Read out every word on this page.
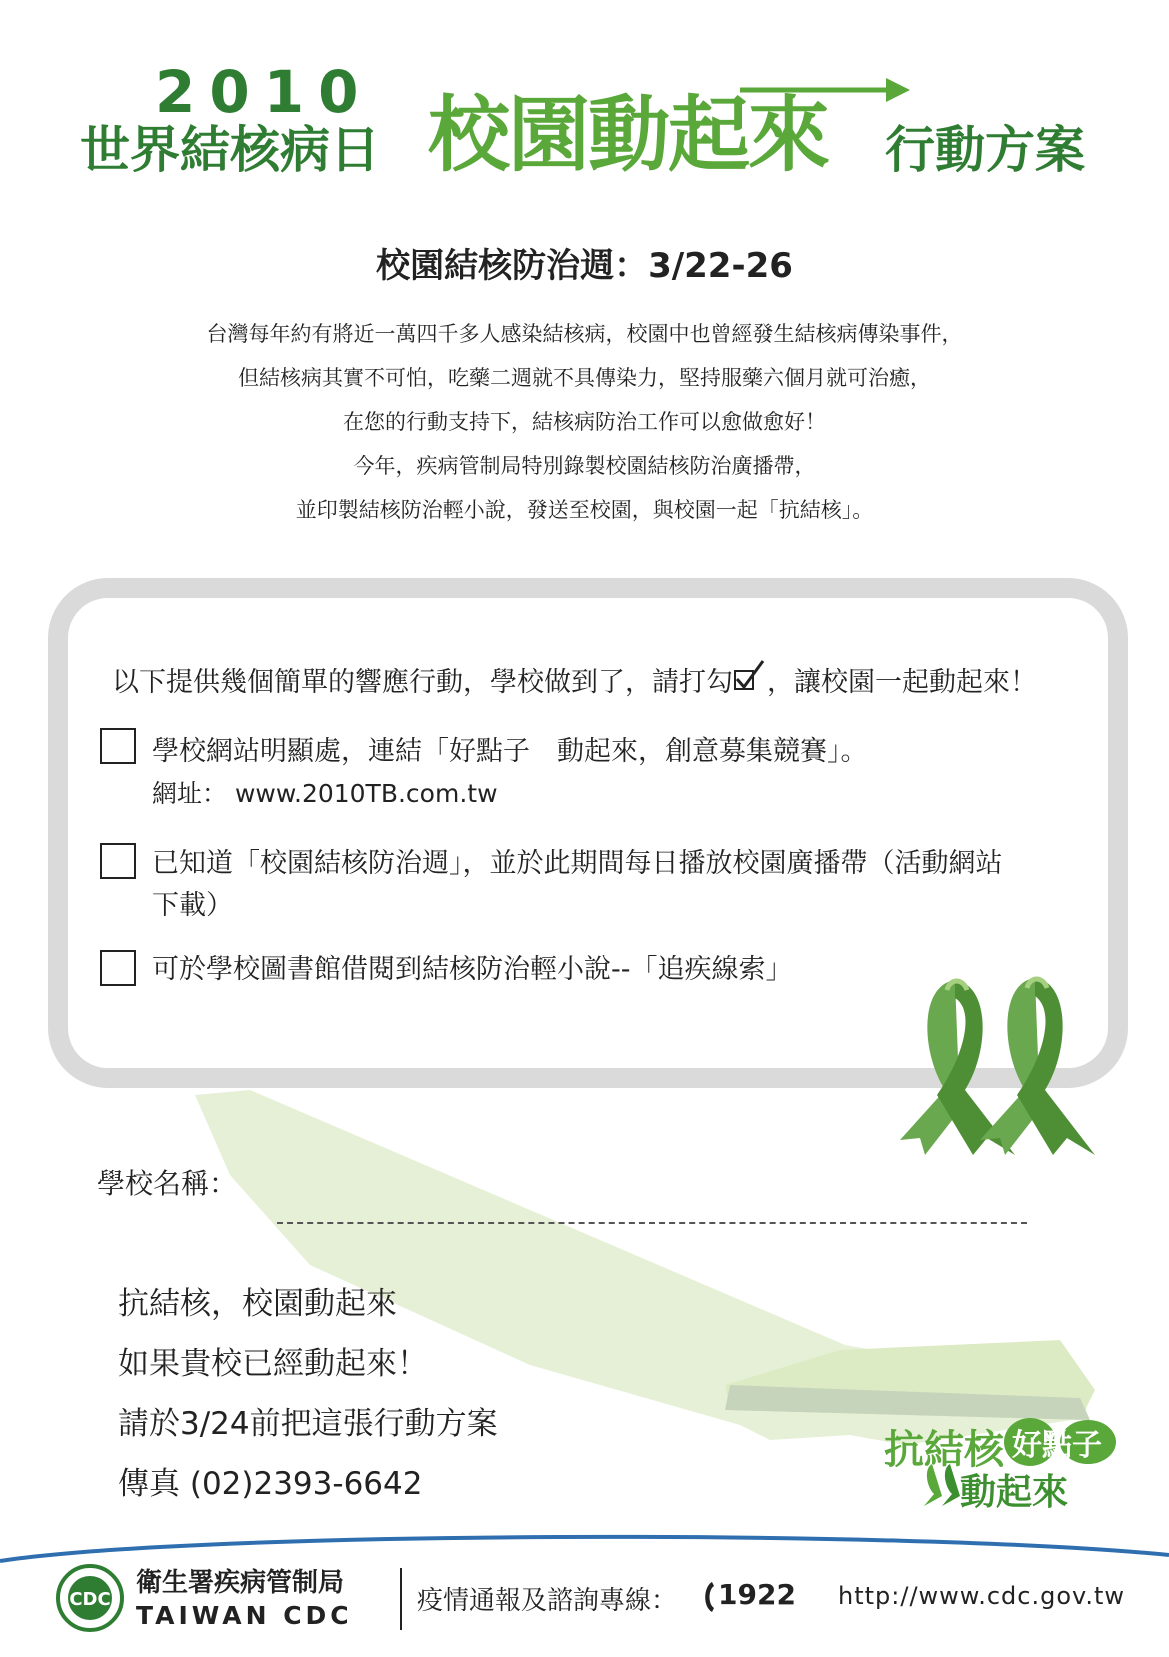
2010
世界結核病日 校園動起來 行動方案
校園結核防治週：3/22-26
台灣每年約有將近一萬四千多人感染結核病，校園中也曾經發生結核病傳染事件，
但結核病其實不可怕，吃藥二週就不具傳染力，堅持服藥六個月就可治癒，
在您的行動支持下，結核病防治工作可以愈做愈好！
今年，疾病管制局特別錄製校園結核防治廣播帶，
並印製結核防治輕小說，發送至校園，與校園一起「抗結核」。
以下提供幾個簡單的響應行動，學校做到了，請打勾 ，讓校園一起動起來！
學校網站明顯處，連結「好點子　動起來，創意募集競賽」。
網址： www.2010TB.com.tw
已知道「校園結核防治週」，並於此期間每日播放校園廣播帶（活動網站
下載）
可於學校圖書館借閱到結核防治輕小說--「追疾線索」
學校名稱：
抗結核，校園動起來
如果貴校已經動起來！
請於3/24前把這張行動方案
傳真 (02)2393-6642
抗結核 好點子
動起來
CDC
衛生署疾病管制局
TAIWAN CDC 疫情通報及諮詢專線： 1922 http://www.cdc.gov.tw
